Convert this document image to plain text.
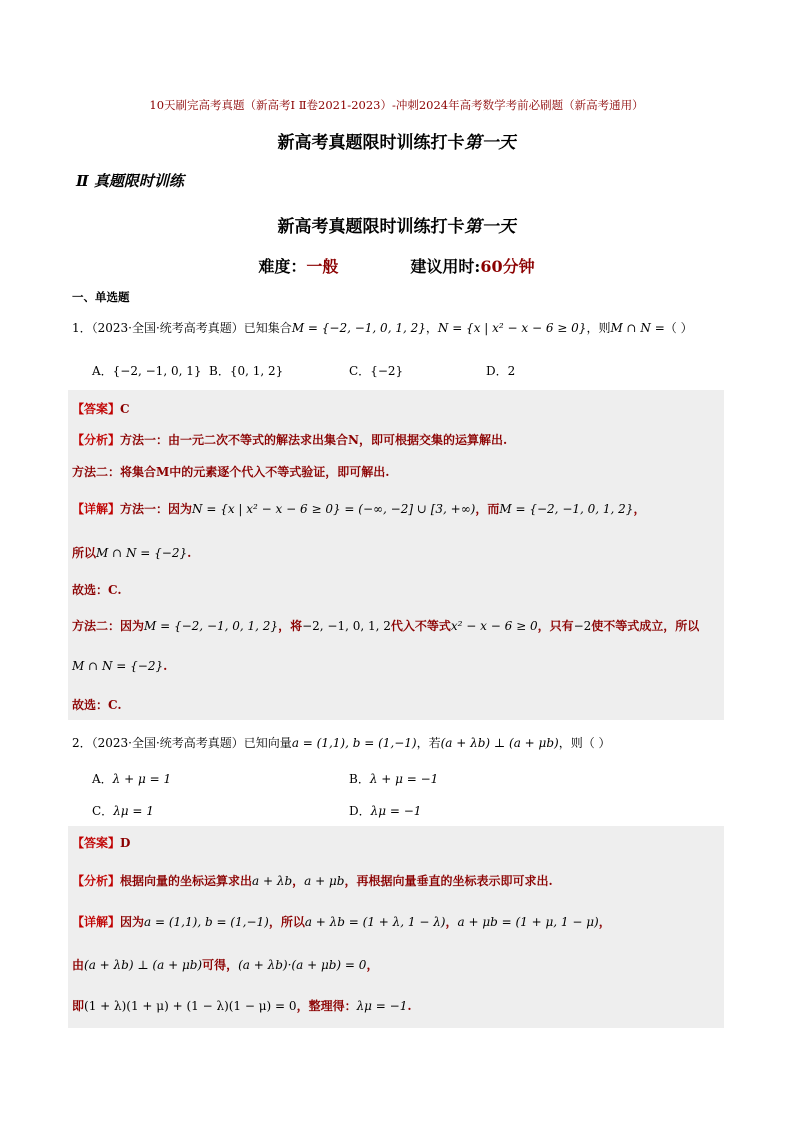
10天刷完高考真题（新高考Ⅰ Ⅱ卷2021-2023）-冲刺2024年高考数学考前必刷题（新高考通用）
新高考真题限时训练打卡第一天
Ⅱ 真题限时训练
新高考真题限时训练打卡第一天
难度：一般	建议用时:60分钟
一、单选题
1．（2023·全国·统考高考真题）已知集合M = {−2, −1, 0, 1, 2}，N = {x | x² − x − 6 ≥ 0}，则M ∩ N =（ ）
A．{−2, −1, 0, 1} B．{0, 1, 2}	C．{−2}	D．2
【答案】C
【分析】方法一：由一元二次不等式的解法求出集合N，即可根据交集的运算解出.
方法二：将集合M中的元素逐个代入不等式验证，即可解出.
【详解】方法一：因为N = {x | x² − x − 6 ≥ 0} = (−∞, −2] ∪ [3, +∞)，而M = {−2, −1, 0, 1, 2}，
所以M ∩ N = {−2}.
故选：C.
方法二：因为M = {−2, −1, 0, 1, 2}，将−2, −1, 0, 1, 2代入不等式x² − x − 6 ≥ 0，只有−2使不等式成立，所以
M ∩ N = {−2}.
故选：C.
2．（2023·全国·统考高考真题）已知向量a = (1,1), b = (1,−1)，若(a + λb) ⊥ (a + μb)，则（ ）
A．λ + μ = 1	B．λ + μ = −1
C．λμ = 1	D．λμ = −1
【答案】D
【分析】根据向量的坐标运算求出a + λb，a + μb，再根据向量垂直的坐标表示即可求出.
【详解】因为a = (1,1), b = (1,−1)，所以a + λb = (1 + λ, 1 − λ)，a + μb = (1 + μ, 1 − μ)，
由(a + λb) ⊥ (a + μb)可得，(a + λb)·(a + μb) = 0，
即(1 + λ)(1 + μ) + (1 − λ)(1 − μ) = 0，整理得：λμ = −1.
